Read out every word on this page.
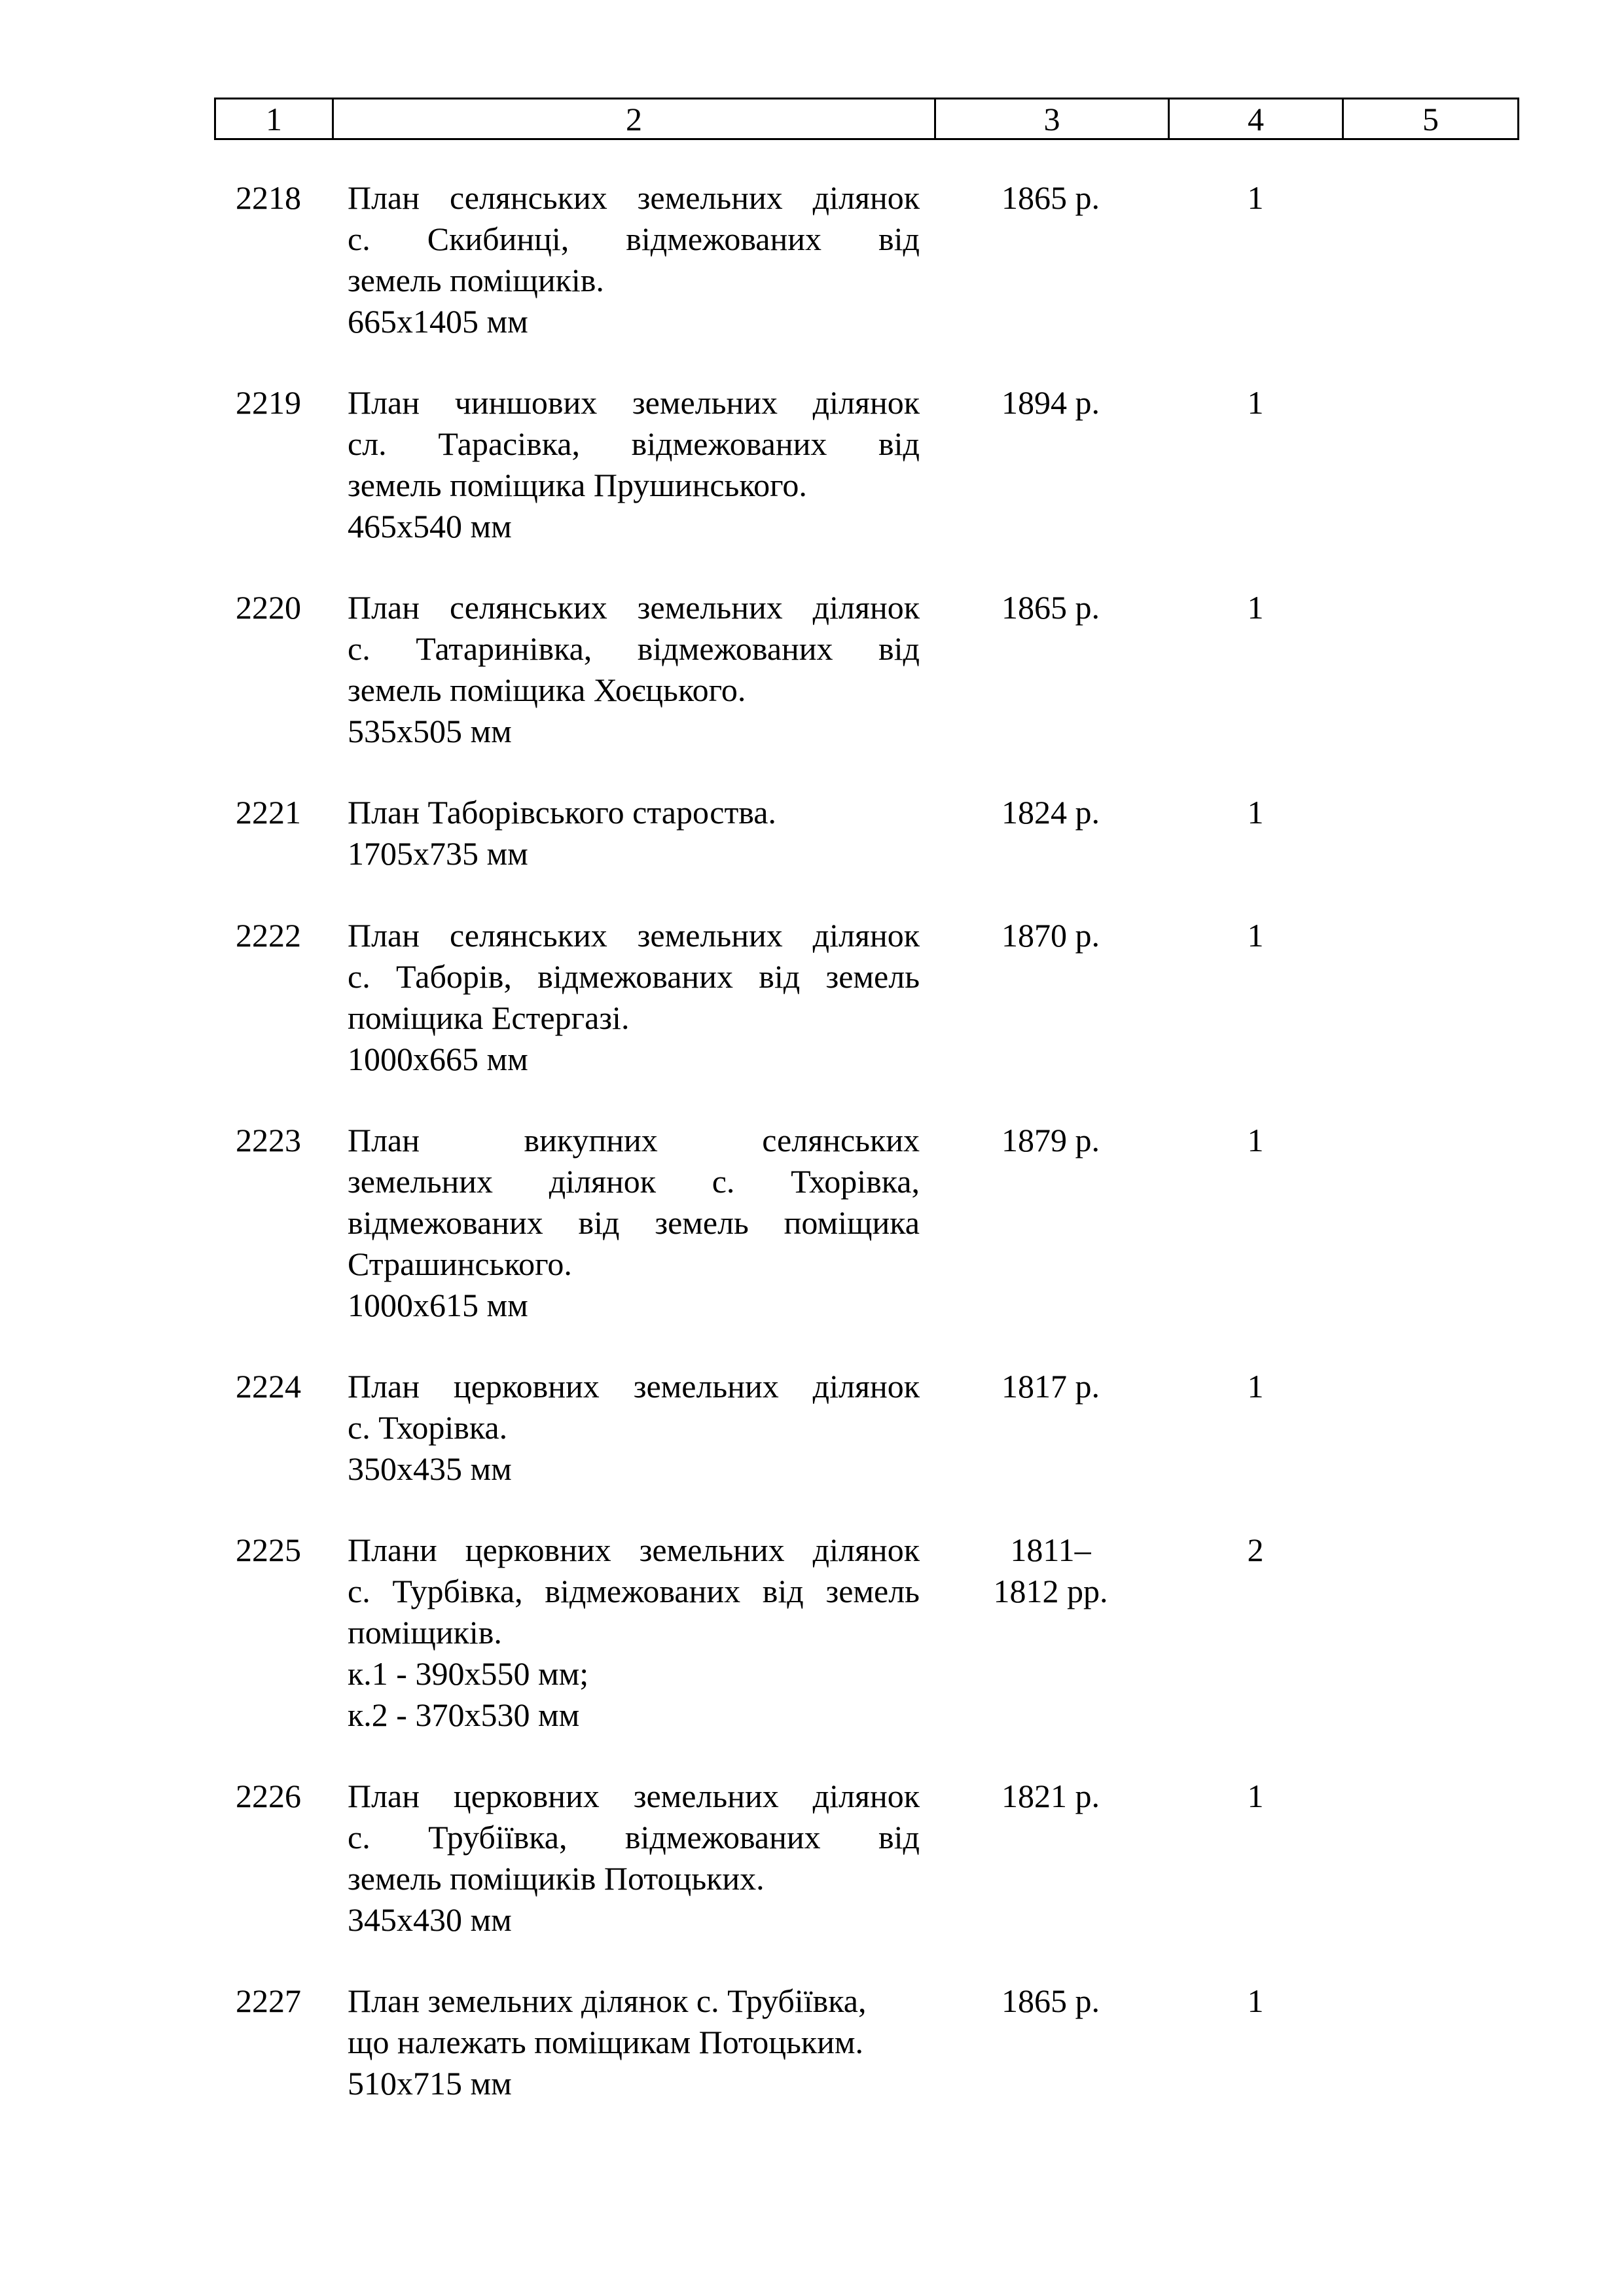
1	2	3	4	5
2218	План селянських земельних ділянок
с. Скибинці, відмежованих від
земель поміщиків.
665х1405 мм
1865 р.	1
2219	План чиншових земельних ділянок
сл. Тарасівка, відмежованих від
земель поміщика Прушинського.
465х540 мм
1894 р.	1
2220	План селянських земельних ділянок
с. Татаринівка, відмежованих від
земель поміщика Хоєцького.
535х505 мм
1865 р.	1
2221	План Таборівського староства.
1705х735 мм
1824 р.	1
2222	План селянських земельних ділянок
с. Таборів, відмежованих від земель
поміщика Естергазі.
1000х665 мм
1870 р.	1
2223	План викупних селянських
земельних ділянок с. Тхорівка,
відмежованих від земель поміщика
Страшинського.
1000х615 мм
1879 р.	1
2224	План церковних земельних ділянок
с. Тхорівка.
350х435 мм
1817 р.	1
2225	Плани церковних земельних ділянок
с. Турбівка, відмежованих від земель
поміщиків.
к.1 - 390х550 мм;
к.2 - 370х530 мм
1811–
1812 рр.
2
2226	План церковних земельних ділянок
с. Трубіївка, відмежованих від
земель поміщиків Потоцьких.
345х430 мм
1821 р.	1
2227	План земельних ділянок с. Трубіївка,
що належать поміщикам Потоцьким.
510х715 мм
1865 р.	1
